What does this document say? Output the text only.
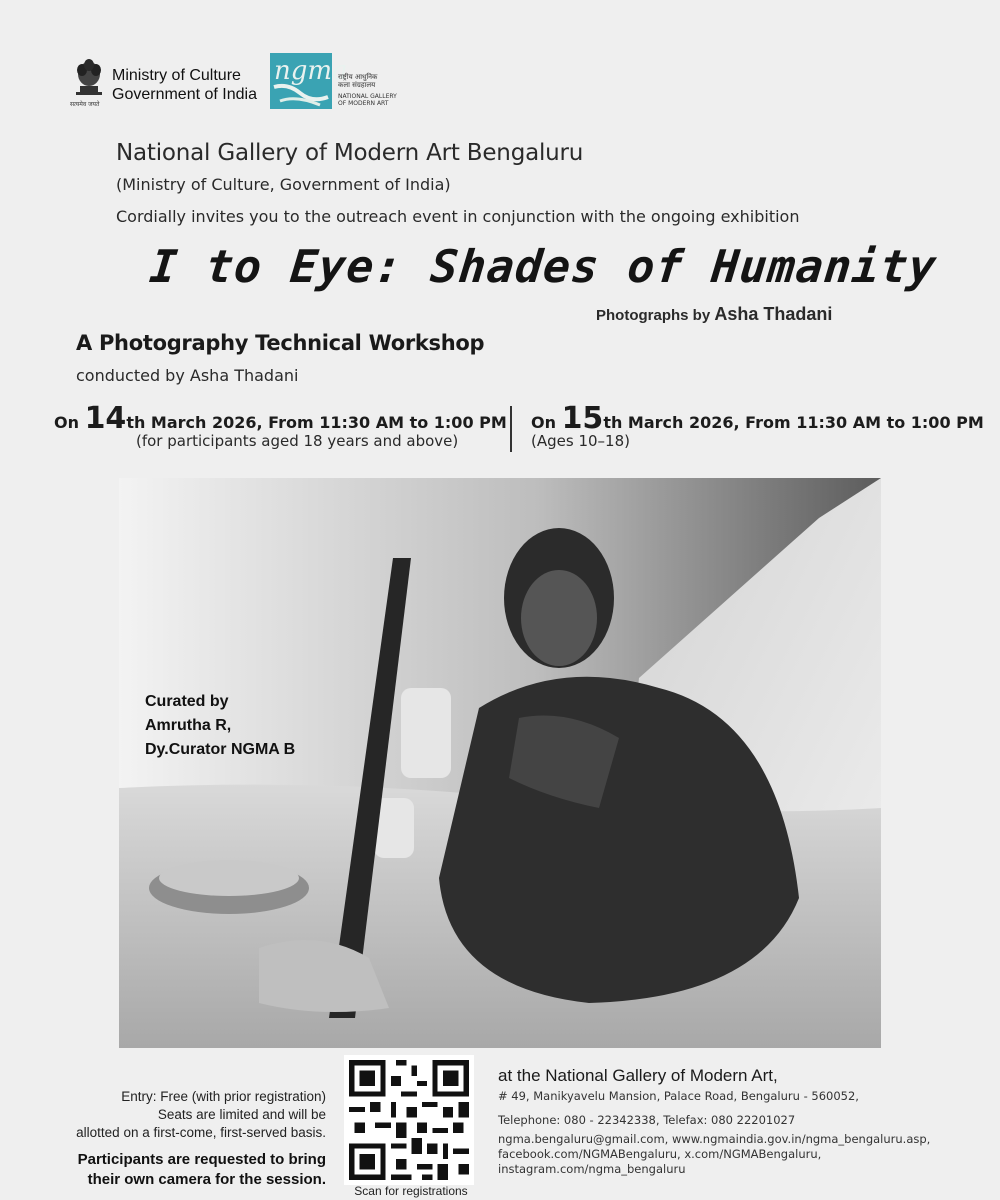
सत्यमेव जयते
Ministry of Culture
Government of India
ngma
राष्ट्रीय आधुनिक
कला संग्रहालय
NATIONAL GALLERY
OF MODERN ART
National Gallery of Modern Art Bengaluru
(Ministry of Culture, Government of India)
Cordially invites you to the outreach event in conjunction with the ongoing exhibition
I to Eye: Shades of Humanity
Photographs by Asha Thadani
A Photography Technical Workshop
conducted by Asha Thadani
On 14th March 2026, From 11:30 AM to 1:00 PM
(for participants aged 18 years and above)
On 15th March 2026, From 11:30 AM to 1:00 PM
(Ages 10–18)
Curated by
Amrutha R,
Dy.Curator NGMA B
Entry: Free (with prior registration)
Seats are limited and will be
allotted on a first-come, first-served basis.
Participants are requested to bring
their own camera for the session.
Scan for registrations
at the National Gallery of Modern Art,
# 49, Manikyavelu Mansion, Palace Road, Bengaluru - 560052,
Telephone: 080 - 22342338, Telefax: 080 22201027
ngma.bengaluru@gmail.com, www.ngmaindia.gov.in/ngma_bengaluru.asp,
facebook.com/NGMABengaluru, x.com/NGMABengaluru,
instagram.com/ngma_bengaluru
